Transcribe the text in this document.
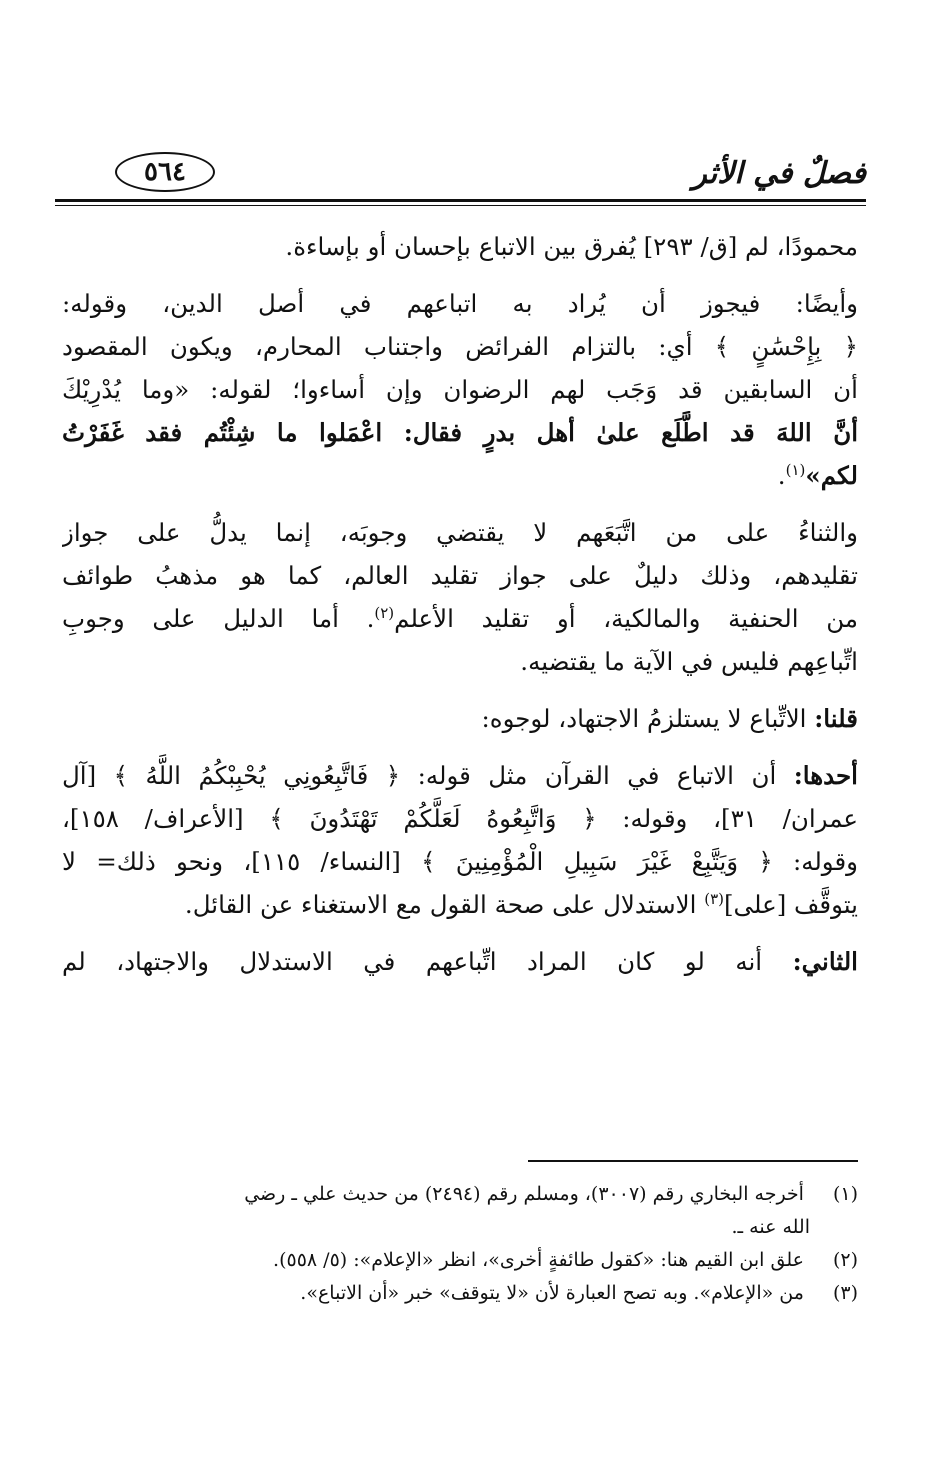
فصلٌ في الأثر
٥٦٤
محمودًا، لم [ق/ ٢٩٣] يُفرق بين الاتباع بإحسان أو بإساءة.
وأيضًا: فيجوز أن يُراد به اتباعهم في أصل الدين، وقوله:
﴿ بِإِحْسَٰنٍ ﴾ أي: بالتزام الفرائض واجتناب المحارم، ويكون المقصود
أن السابقين قد وَجَب لهم الرضوان وإن أساءوا؛ لقوله: «وما يُدْرِيْكَ
أنَّ اللهَ قد اطَّلَع علىٰ أهل بدرٍ فقال: اعْمَلوا ما شِئْتُم فقد غَفَرْتُ
لكم»$^{(١)}$.
والثناءُ على من اتَّبَعَهم لا يقتضي وجوبَه، إنما يدلُّ على جواز
تقليدهم، وذلك دليلٌ على جواز تقليد العالم، كما هو مذهبُ طوائف
من الحنفية والمالكية، أو تقليد الأعلم$^{(٢)}$. أما الدليل على وجوبِ
اتِّباعِهم فليس في الآية ما يقتضيه.
قلنا: الاتِّباع لا يستلزمُ الاجتهاد، لوجوه:
أحدها: أن الاتباع في القرآن مثل قوله: ﴿ فَاتَّبِعُونِي يُحْبِبْكُمُ اللَّهُ ﴾ [آل
عمران/ ٣١]، وقوله: ﴿ وَاتَّبِعُوهُ لَعَلَّكُمْ تَهْتَدُونَ ﴾ [الأعراف/ ١٥٨]،
وقوله: ﴿ وَيَتَّبِعْ غَيْرَ سَبِيلِ الْمُؤْمِنِينَ ﴾ [النساء/ ١١٥]، ونحو ذلك= لا
يتوقَّف [على]$^{(٣)}$ الاستدلال على صحة القول مع الاستغناء عن القائل.
الثاني: أنه لو كان المراد اتِّباعهم في الاستدلال والاجتهاد، لم
(١) أخرجه البخاري رقم (٣٠٠٧)، ومسلم رقم (٢٤٩٤) من حديث علي ـ رضي
الله عنه ـ.
(٢) علق ابن القيم هنا: «كقول طائفةٍ أخرى»، انظر «الإعلام»: (٥/ ٥٥٨).
(٣) من «الإعلام». وبه تصح العبارة لأن «لا يتوقف» خبر «أن الاتباع».
